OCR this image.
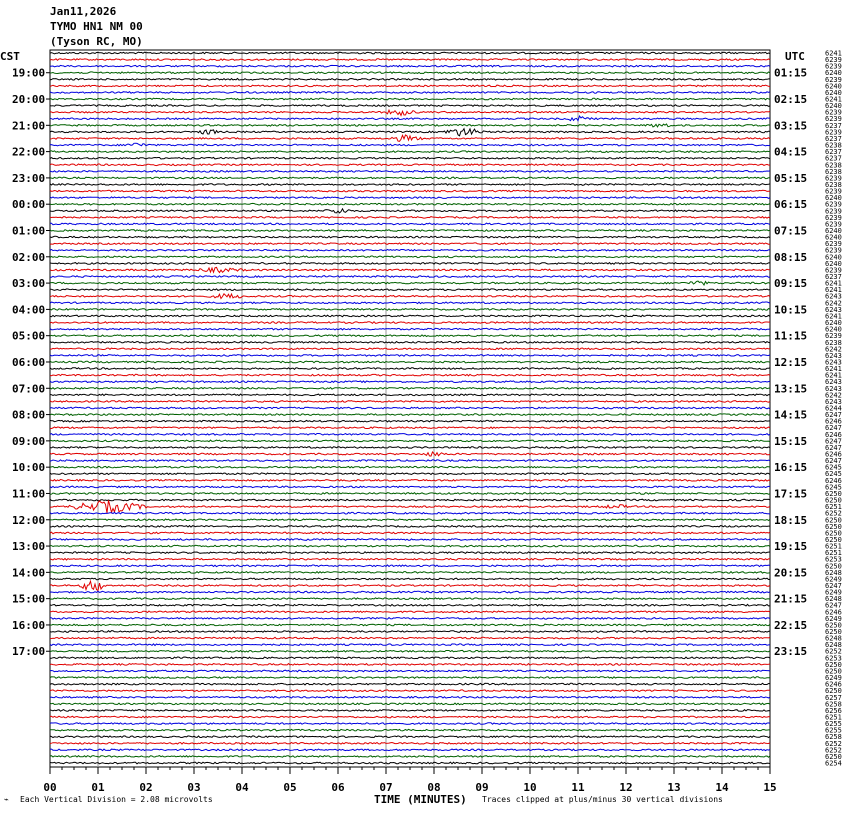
Jan11,2026
TYMO HN1 NM 00
(Tyson RC, MO)
CST	UTC
00	01	02	03	04	05	06	07	08	09	10	11	12	13	14	15
6241
6239
6239
6240
6239
6240
6240
6241
6240
6239
6239
6237
6239
6237
6238
6237
6237
6238
6238
6239
6238
6239
6240
6239
6239
6239
6239
6240
6240
6239
6239
6240
6240
6239
6237
6241
6241
6243
6242
6243
6241
6240
6240
6239
6238
6242
6243
6243
6241
6241
6243
6243
6242
6243
6244
6247
6246
6247
6246
6247
6247
6246
6247
6245
6245
6246
6245
6250
6250
6251
6252
6250
6250
6250
6250
6251
6251
6253
6250
6248
6249
6247
6249
6248
6247
6246
6249
6250
6250
6248
6248
6252
6253
6250
6250
6249
6246
6250
6257
6258
6256
6251
6255
6255
6258
6252
6252
6250
6254
19:00
20:00
21:00
22:00
23:00
00:00
01:00
02:00
03:00
04:00
05:00
06:00
07:00
08:00
09:00
10:00
11:00
12:00
13:00
14:00
15:00
16:00
17:00
01:15
02:15
03:15
04:15
05:15
06:15
07:15
08:15
09:15
10:15
11:15
12:15
13:15
14:15
15:15
16:15
17:15
18:15
19:15
20:15
21:15
22:15
23:15
⌁ Each Vertical Division = 2.08 microvolts	TIME (MINUTES) Traces clipped at plus/minus 30 vertical divisions
